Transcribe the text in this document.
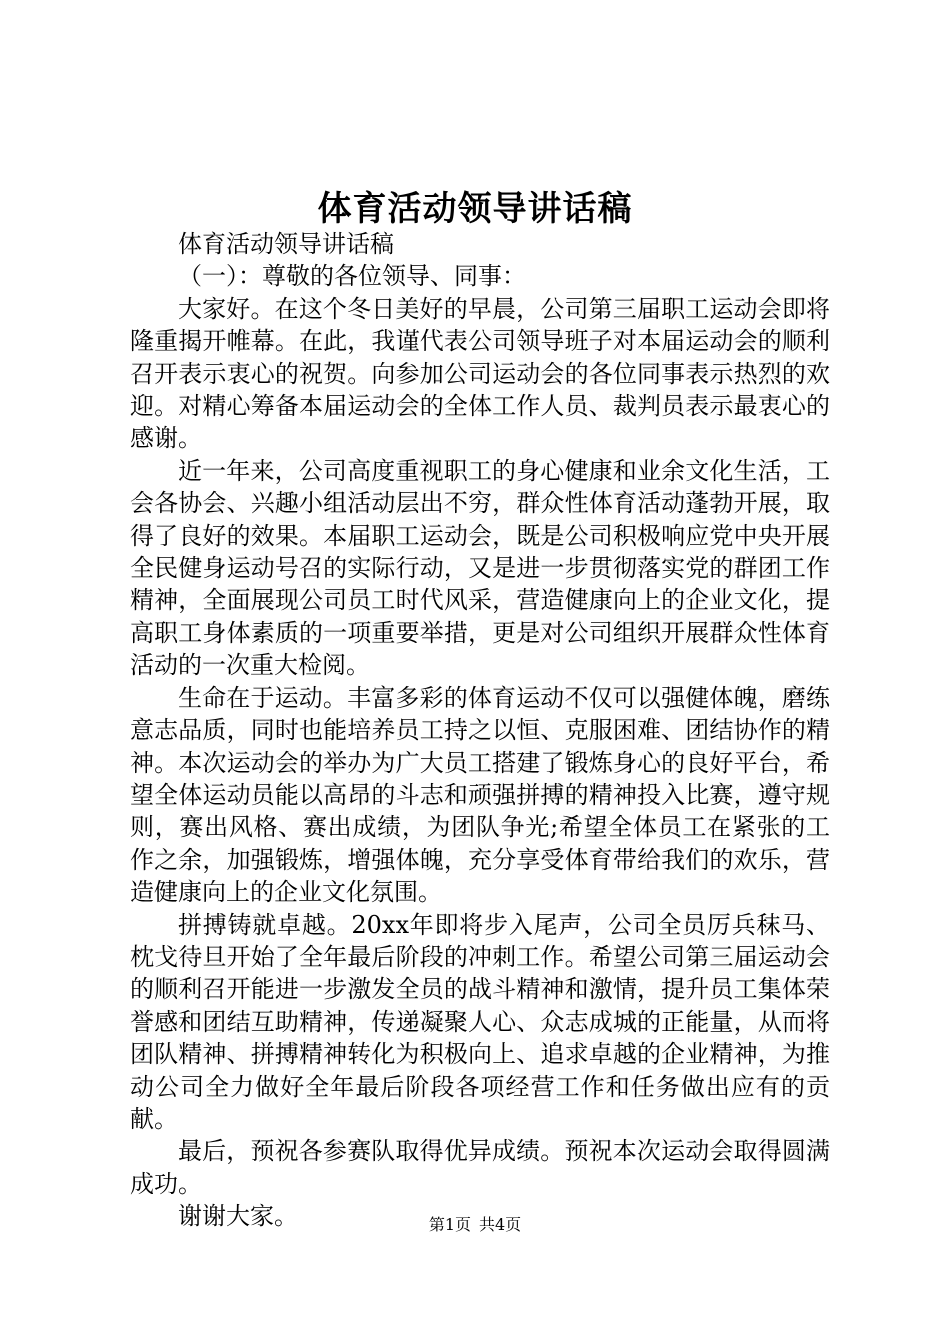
体育活动领导讲话稿

体育活动领导讲话稿

（一）：尊敬的各位领导、同事：

大家好。在这个冬日美好的早晨，公司第三届职工运动会即将隆重揭开帷幕。在此，我谨代表公司领导班子对本届运动会的顺利召开表示衷心的祝贺。向参加公司运动会的各位同事表示热烈的欢迎。对精心筹备本届运动会的全体工作人员、裁判员表示最衷心的感谢。

近一年来，公司高度重视职工的身心健康和业余文化生活，工会各协会、兴趣小组活动层出不穷，群众性体育活动蓬勃开展，取得了良好的效果。本届职工运动会，既是公司积极响应党中央开展全民健身运动号召的实际行动，又是进一步贯彻落实党的群团工作精神，全面展现公司员工时代风采，营造健康向上的企业文化，提高职工身体素质的一项重要举措，更是对公司组织开展群众性体育活动的一次重大检阅。

生命在于运动。丰富多彩的体育运动不仅可以强健体魄，磨练意志品质，同时也能培养员工持之以恒、克服困难、团结协作的精神。本次运动会的举办为广大员工搭建了锻炼身心的良好平台，希望全体运动员能以高昂的斗志和顽强拼搏的精神投入比赛，遵守规则，赛出风格、赛出成绩，为团队争光;希望全体员工在紧张的工作之余，加强锻炼，增强体魄，充分享受体育带给我们的欢乐，营造健康向上的企业文化氛围。

拼搏铸就卓越。20xx年即将步入尾声，公司全员厉兵秣马、枕戈待旦开始了全年最后阶段的冲刺工作。希望公司第三届运动会的顺利召开能进一步激发全员的战斗精神和激情，提升员工集体荣誉感和团结互助精神，传递凝聚人心、众志成城的正能量，从而将团队精神、拼搏精神转化为积极向上、追求卓越的企业精神，为推动公司全力做好全年最后阶段各项经营工作和任务做出应有的贡献。

最后，预祝各参赛队取得优异成绩。预祝本次运动会取得圆满成功。

谢谢大家。	第1页 共4页
